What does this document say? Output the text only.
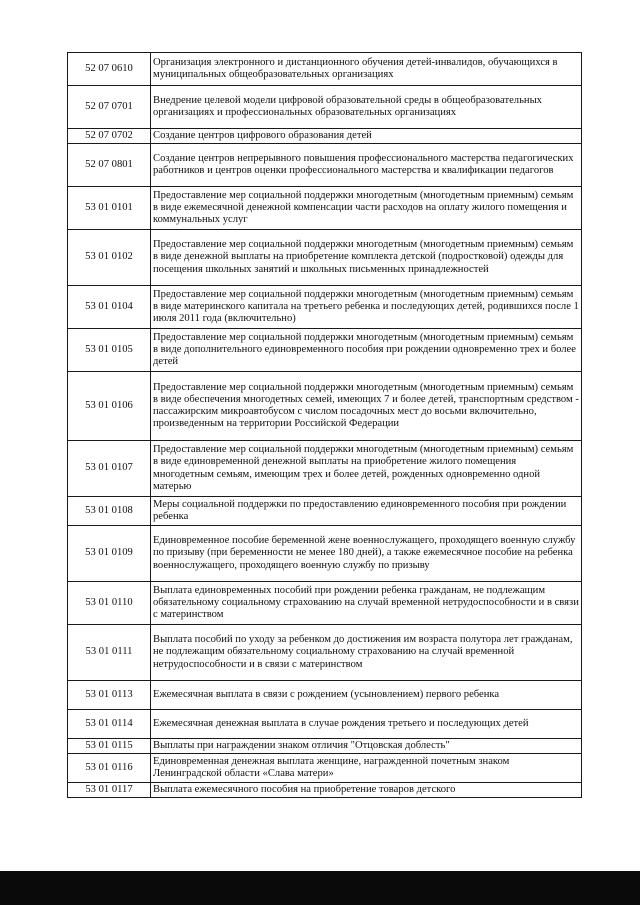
52 07 0610	Организация электронного и дистанционного обучения детей-инвалидов, обучающихся в муниципальных общеобразовательных организациях
52 07 0701	Внедрение целевой модели цифровой образовательной среды в общеобразовательных организациях и профессиональных образовательных организациях
52 07 0702	Создание центров цифрового образования детей
52 07 0801	Создание центров непрерывного повышения профессионального мастерства педагогических работников и центров оценки профессионального мастерства и квалификации педагогов
53 01 0101	Предоставление мер социальной поддержки многодетным (многодетным приемным) семьям в виде ежемесячной денежной компенсации части расходов на оплату жилого помещения и коммунальных услуг
53 01 0102	Предоставление мер социальной поддержки многодетным (многодетным приемным) семьям в виде денежной выплаты на приобретение комплекта детской (подростковой) одежды для посещения школьных занятий и школьных письменных принадлежностей
53 01 0104	Предоставление мер социальной поддержки многодетным (многодетным приемным) семьям в виде материнского капитала на третьего ребенка и последующих детей, родившихся после 1 июля 2011 года (включительно)
53 01 0105	Предоставление мер социальной поддержки многодетным (многодетным приемным) семьям в виде дополнительного единовременного пособия при рождении одновременно трех и более детей
53 01 0106	Предоставление мер социальной поддержки многодетным (многодетным приемным) семьям в виде обеспечения многодетных семей, имеющих 7 и более детей, транспортным средством - пассажирским микроавтобусом с числом посадочных мест до восьми включительно, произведенным на территории Российской Федерации
53 01 0107	Предоставление мер социальной поддержки многодетным (многодетным приемным) семьям в виде единовременной денежной выплаты на приобретение жилого помещения многодетным семьям, имеющим трех и более детей, рожденных одновременно одной матерью
53 01 0108	Меры социальной поддержки по предоставлению единовременного пособия при рождении ребенка
53 01 0109	Единовременное пособие беременной жене военнослужащего, проходящего военную службу по призыву (при беременности не менее 180 дней), а также ежемесячное пособие на ребенка военнослужащего, проходящего военную службу по призыву
53 01 0110	Выплата единовременных пособий при рождении ребенка гражданам, не подлежащим обязательному социальному страхованию на случай временной нетрудоспособности и в связи с материнством
53 01 0111	Выплата пособий по уходу за ребенком до достижения им возраста полутора лет гражданам, не подлежащим обязательному социальному страхованию на случай временной нетрудоспособности и в связи с материнством
53 01 0113	Ежемесячная выплата в связи с рождением (усыновлением) первого ребенка
53 01 0114	Ежемесячная денежная выплата в случае рождения третьего и последующих детей
53 01 0115	Выплаты при награждении знаком отличия "Отцовская доблесть"
53 01 0116	Единовременная денежная выплата женщине, награжденной почетным знаком Ленинградской области «Слава матери»
53 01 0117	Выплата ежемесячного пособия на приобретение товаров детского
